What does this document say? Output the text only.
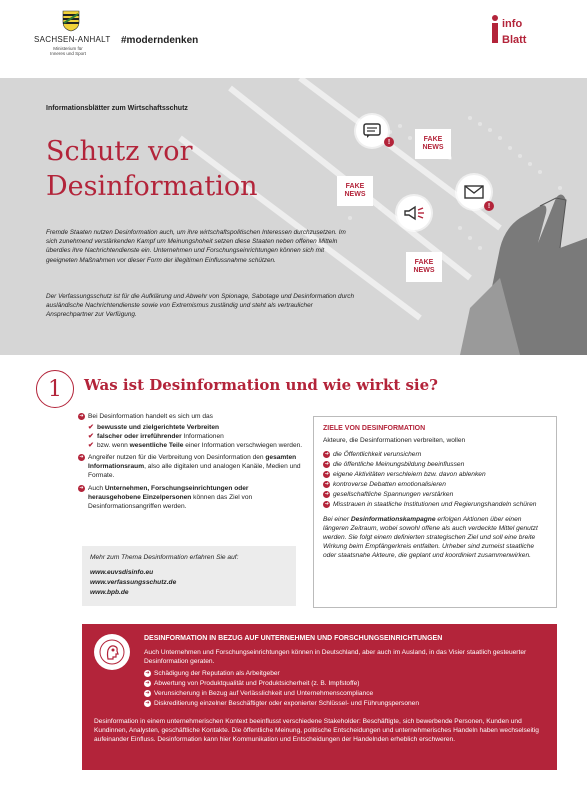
SACHSEN-ANHALT
Ministerium für Inneres und Sport
#moderndenken
info
Blatt
Informationsblätter zum Wirtschaftsschutz
Schutz vor
Desinformation
Fremde Staaten nutzen Desinformation auch, um ihre wirtschaftspolitischen Interessen durchzusetzen. Im sich zunehmend verstärkenden Kampf um Meinungshoheit setzen diese Staaten neben offenen Mitteln überdies ihre Nachrichtendienste ein. Unternehmen und Forschungseinrichtungen können sich mit geeigneten Maßnahmen vor dieser Form der illegitimen Einflussnahme schützen.
Der Verfassungsschutz ist für die Aufklärung und Abwehr von Spionage, Sabotage und Desinformation durch ausländische Nachrichtendienste sowie von Extremismus zuständig und steht als vertraulicher Ansprechpartner zur Verfügung.
!	FAKE
NEWS
FAKE
NEWS
FAKE
NEWS
!
1	Was ist Desinformation und wie wirkt sie?
➜ Bei Desinformation handelt es sich um das
✔ bewusste und zielgerichtete Verbreiten
✔ falscher oder irreführender Informationen
✔ bzw. wenn wesentliche Teile einer Information verschwiegen werden.
➜ Angreifer nutzen für die Verbreitung von Desinformation den gesamten Informationsraum, also alle digitalen und analogen Kanäle, Medien und Formate.
➜ Auch Unternehmen, Forschungseinrichtungen oder herausgehobene Einzelpersonen können das Ziel von Desinformationsangriffen werden.
Mehr zum Thema Desinformation erfahren Sie auf:
www.euvsdisinfo.eu
www.verfassungsschutz.de
www.bpb.de
ZIELE VON DESINFORMATION
Akteure, die Desinformationen verbreiten, wollen
➜ die Öffentlichkeit verunsichern
➜ die öffentliche Meinungsbildung beeinflussen
➜ eigene Aktivitäten verschleiern bzw. davon ablenken
➜ kontroverse Debatten emotionalisieren
➜ gesellschaftliche Spannungen verstärken
➜ Misstrauen in staatliche Institutionen und Regierungshandeln schüren
Bei einer Desinformationskampagne erfolgen Aktionen über einen längeren Zeitraum, wobei sowohl offene als auch verdeckte Mittel genutzt werden. Sie folgt einem definierten strategischen Ziel und soll eine breite Wirkung beim Empfängerkreis entfalten. Urheber sind zumeist staatliche oder staatsnahe Akteure, die geplant und koordiniert zusammenwirken.
DESINFORMATION IN BEZUG AUF UNTERNEHMEN UND FORSCHUNGSEINRICHTUNGEN
Auch Unternehmen und Forschungseinrichtungen können in Deutschland, aber auch im Ausland, in das Visier staatlich gesteuerter Desinformation geraten.
➜ Schädigung der Reputation als Arbeitgeber
➜ Abwertung von Produktqualität und Produktsicherheit (z. B. Impfstoffe)
➜ Verunsicherung in Bezug auf Verlässlichkeit und Unternehmenscompliance
➜ Diskreditierung einzelner Beschäftigter oder exponierter Schlüssel- und Führungspersonen
Desinformation in einem unternehmerischen Kontext beeinflusst verschiedene Stakeholder: Beschäftigte, sich bewerbende Personen, Kunden und Kundinnen, Analysten, geschäftliche Kontakte. Die öffentliche Meinung, politische Entscheidungen und unternehmerisches Handeln haben wechselseitig aufeinander Einfluss. Desinformation kann hier Kommunikation und Entscheidungen der Handelnden erheblich erschweren.
